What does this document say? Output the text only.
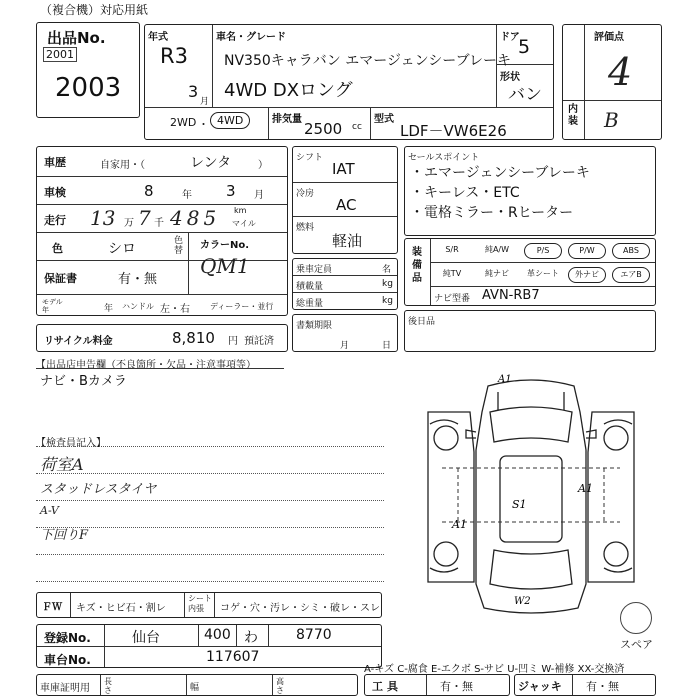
（複合機）対応用紙
出品No.
2001
2003
年式
R3
3
月
車名・グレード
NV350キャラバン エマージェンシーブレーキ
4WD DXロング
ドア
5
形状
バン
2WD ・ 4WD	排気量
2500 cc
型式
LDF－VW6E26
評価点
4
内装 B
車歴	自家用・（	レンタ	）
車検	8	年 3 月
走行 13 万 7 千 485 km
マイル
色	シロ	色替 カラーNo.
QM1
保証書	有・無
モデル年	年 ハンドル 左・右	ディーラー・並行
リサイクル料金	8,810 円 預託済
シフト
IAT
冷房
AC
燃料
軽油
乗車定員	名
積載量	kg
総重量	kg
書類期限
月	日
セールスポイント
・エマージェンシーブレーキ
・キーレス・ETC
・電格ミラー・Rヒーター
装備品
S/R	純A/W	P/S	P/W	ABS
純TV	純ナビ	革シート	外ナビ	エアB
ナビ型番 AVN-RB7
後日品
【出品店申告欄（不良箇所・欠品・注意事項等）
ナビ・Bカメラ
【検査員記入】
荷室A
スタッドレスタイヤ
A-V
下回りF
A1
A1
A1
S1
W2
スペア
ＦＷ キズ・ヒビ石・割レ
シート内張	コゲ・穴・汚レ・シミ・破レ・スレ
登録No.	仙台	400 わ	8770
車台No.	117607
A-キズ C-腐食 E-エクボ S-サビ U-凹ミ W-補修 XX-交換済
車庫証明用
長さ	幅
高さ	工具	有・無	ジャッキ 有・無
